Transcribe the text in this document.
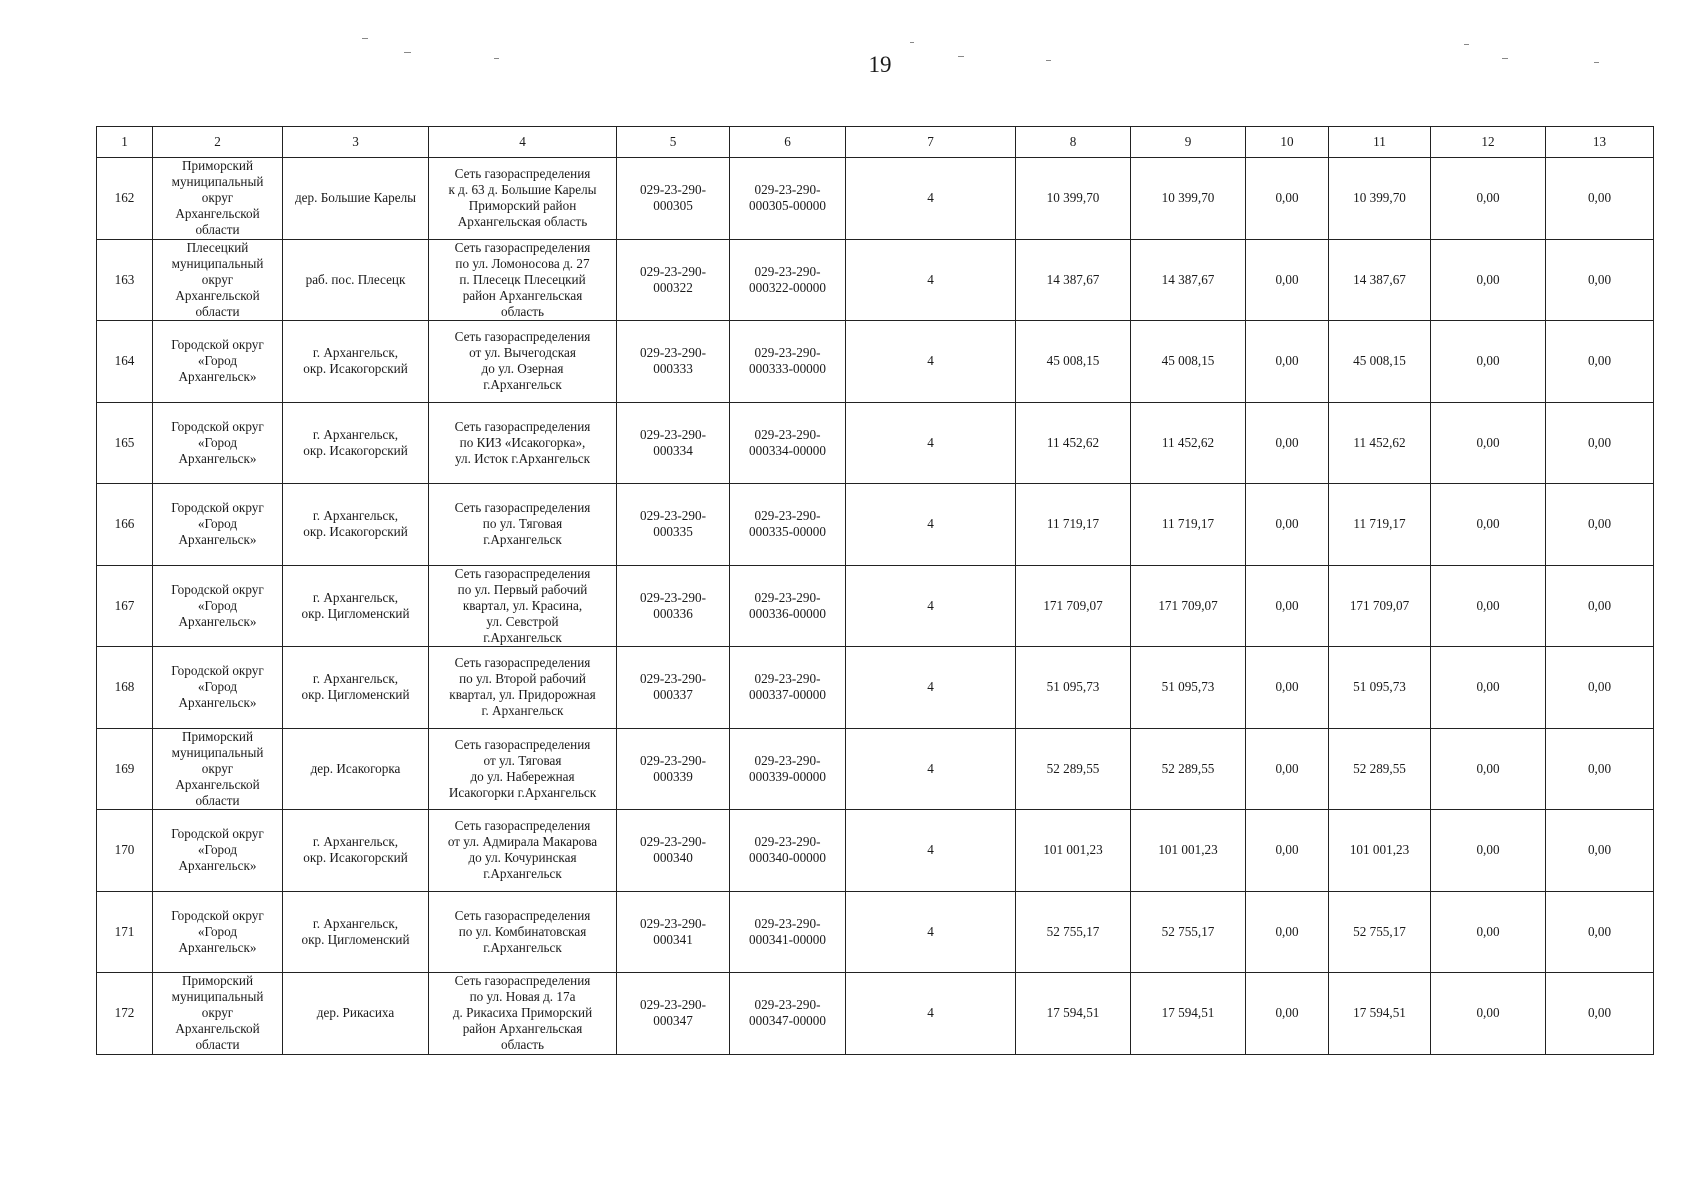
19
1	2	3	4	5	6	7	8	9	10	11	12	13
162	Приморский
муниципальный
округ
Архангельской
области	дер. Большие Карелы	Сеть газораспределения
к д. 63 д. Большие Карелы
Приморский район
Архангельская область	029-23-290-
000305	029-23-290-
000305-00000	4	10 399,70	10 399,70	0,00	10 399,70	0,00	0,00
163	Плесецкий
муниципальный
округ
Архангельской
области	раб. пос. Плесецк	Сеть газораспределения
по ул. Ломоносова д. 27
п. Плесецк Плесецкий
район Архангельская
область	029-23-290-
000322	029-23-290-
000322-00000	4	14 387,67	14 387,67	0,00	14 387,67	0,00	0,00
164	Городской округ
«Город
Архангельск»	г. Архангельск,
окр. Исакогорский	Сеть газораспределения
от ул. Вычегодская
до ул. Озерная
г.Архангельск	029-23-290-
000333	029-23-290-
000333-00000	4	45 008,15	45 008,15	0,00	45 008,15	0,00	0,00
165	Городской округ
«Город
Архангельск»	г. Архангельск,
окр. Исакогорский	Сеть газораспределения
по КИЗ «Исакогорка»,
ул. Исток г.Архангельск	029-23-290-
000334	029-23-290-
000334-00000	4	11 452,62	11 452,62	0,00	11 452,62	0,00	0,00
166	Городской округ
«Город
Архангельск»	г. Архангельск,
окр. Исакогорский	Сеть газораспределения
по ул. Тяговая
г.Архангельск	029-23-290-
000335	029-23-290-
000335-00000	4	11 719,17	11 719,17	0,00	11 719,17	0,00	0,00
167	Городской округ
«Город
Архангельск»	г. Архангельск,
окр. Цигломенский	Сеть газораспределения
по ул. Первый рабочий
квартал, ул. Красина,
ул. Севстрой
г.Архангельск	029-23-290-
000336	029-23-290-
000336-00000	4	171 709,07	171 709,07	0,00	171 709,07	0,00	0,00
168	Городской округ
«Город
Архангельск»	г. Архангельск,
окр. Цигломенский	Сеть газораспределения
по ул. Второй рабочий
квартал, ул. Придорожная
г. Архангельск	029-23-290-
000337	029-23-290-
000337-00000	4	51 095,73	51 095,73	0,00	51 095,73	0,00	0,00
169	Приморский
муниципальный
округ
Архангельской
области	дер. Исакогорка	Сеть газораспределения
от ул. Тяговая
до ул. Набережная
Исакогорки г.Архангельск	029-23-290-
000339	029-23-290-
000339-00000	4	52 289,55	52 289,55	0,00	52 289,55	0,00	0,00
170	Городской округ
«Город
Архангельск»	г. Архангельск,
окр. Исакогорский	Сеть газораспределения
от ул. Адмирала Макарова
до ул. Кочуринская
г.Архангельск	029-23-290-
000340	029-23-290-
000340-00000	4	101 001,23	101 001,23	0,00	101 001,23	0,00	0,00
171	Городской округ
«Город
Архангельск»	г. Архангельск,
окр. Цигломенский	Сеть газораспределения
по ул. Комбинатовская
г.Архангельск	029-23-290-
000341	029-23-290-
000341-00000	4	52 755,17	52 755,17	0,00	52 755,17	0,00	0,00
172	Приморский
муниципальный
округ
Архангельской
области	дер. Рикасиха	Сеть газораспределения
по ул. Новая д. 17а
д. Рикасиха Приморский
район Архангельская
область	029-23-290-
000347	029-23-290-
000347-00000	4	17 594,51	17 594,51	0,00	17 594,51	0,00	0,00
